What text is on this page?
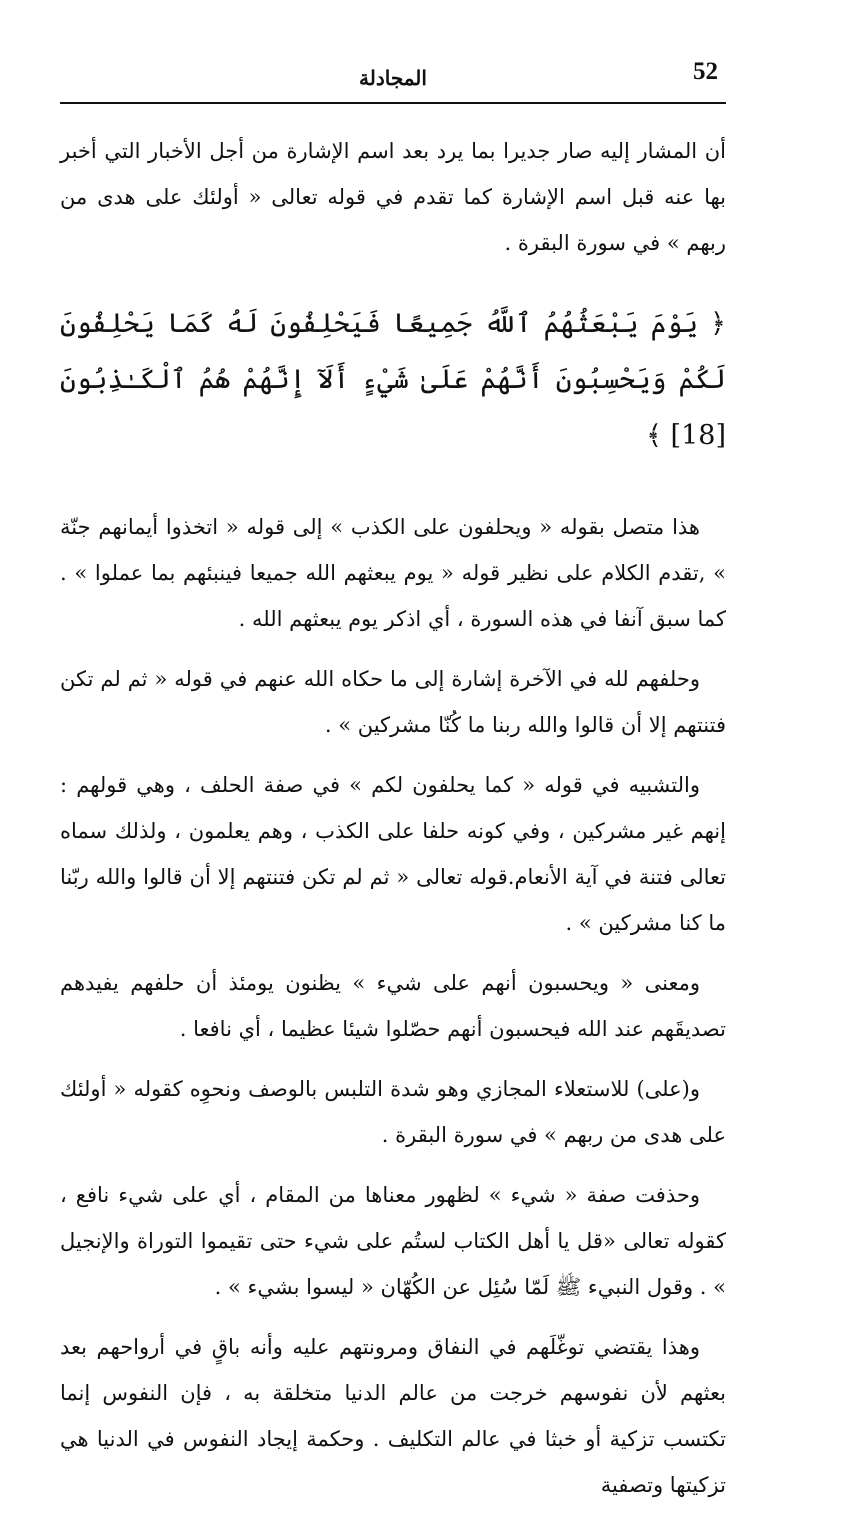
52
المجادلة

أن المشار إليه صار جديرا بما يرد بعد اسم الإشارة من أجل الأخبار التي أخبر بها عنه قبل اسم الإشارة كما تقدم في قوله تعالى « أولئك على هدى من ربهم » في سورة البقرة .

﴿ يَوْمَ يَبْعَثُهُمُ ٱللَّهُ جَمِيعًا فَيَحْلِفُونَ لَهُ كَمَا يَحْلِفُونَ لَكُمْ وَيَحْسِبُونَ أَنَّهُمْ عَلَىٰ شَيْءٍ أَلَآ إِنَّهُمْ هُمُ ٱلْكَـٰذِبُونَ [18] ﴾

هذا متصل بقوله « ويحلفون على الكذب » إلى قوله « اتخذوا أيمانهم جنّة » ,تقدم الكلام على نظير قوله « يوم يبعثهم الله جميعا فينبئهم بما عملوا » . كما سبق آنفا في هذه السورة ، أي اذكر يوم يبعثهم الله .

وحلفهم لله في الآخرة إشارة إلى ما حكاه الله عنهم في قوله « ثم لم تكن فتنتهم إلا أن قالوا والله ربنا ما كُنّا مشركين » .

والتشبيه في قوله « كما يحلفون لكم » في صفة الحلف ، وهي قولهم : إنهم غير مشركين ، وفي كونه حلفا على الكذب ، وهم يعلمون ، ولذلك سماه تعالى فتنة في آية الأنعام.قوله تعالى « ثم لم تكن فتنتهم إلا أن قالوا والله ربّنا ما كنا مشركين » .

ومعنى « ويحسبون أنهم على شيء » يظنون يومئذ أن حلفهم يفيدهم تصديقَهم عند الله فيحسبون أنهم حصّلوا شيئا عظيما ، أي نافعا .

و(على) للاستعلاء المجازي وهو شدة التلبس بالوصف ونحوِه كقوله « أولئك على هدى من ربهم » في سورة البقرة .

وحذفت صفة « شيء » لظهور معناها من المقام ، أي على شيء نافع ، كقوله تعالى «قل يا أهل الكتاب لستُم على شيء حتى تقيموا التوراة والإنجيل » . وقول النبيء ﷺ لَمّا سُئِل عن الكُهّان « ليسوا بشيء » .

وهذا يقتضي توغّلَهم في النفاق ومرونتهم عليه وأنه باقٍ في أرواحهم بعد بعثهم لأن نفوسهم خرجت من عالم الدنيا متخلقة به ، فإن النفوس إنما تكتسب تزكية أو خبثا في عالم التكليف . وحكمة إيجاد النفوس في الدنيا هي تزكيتها وتصفية
